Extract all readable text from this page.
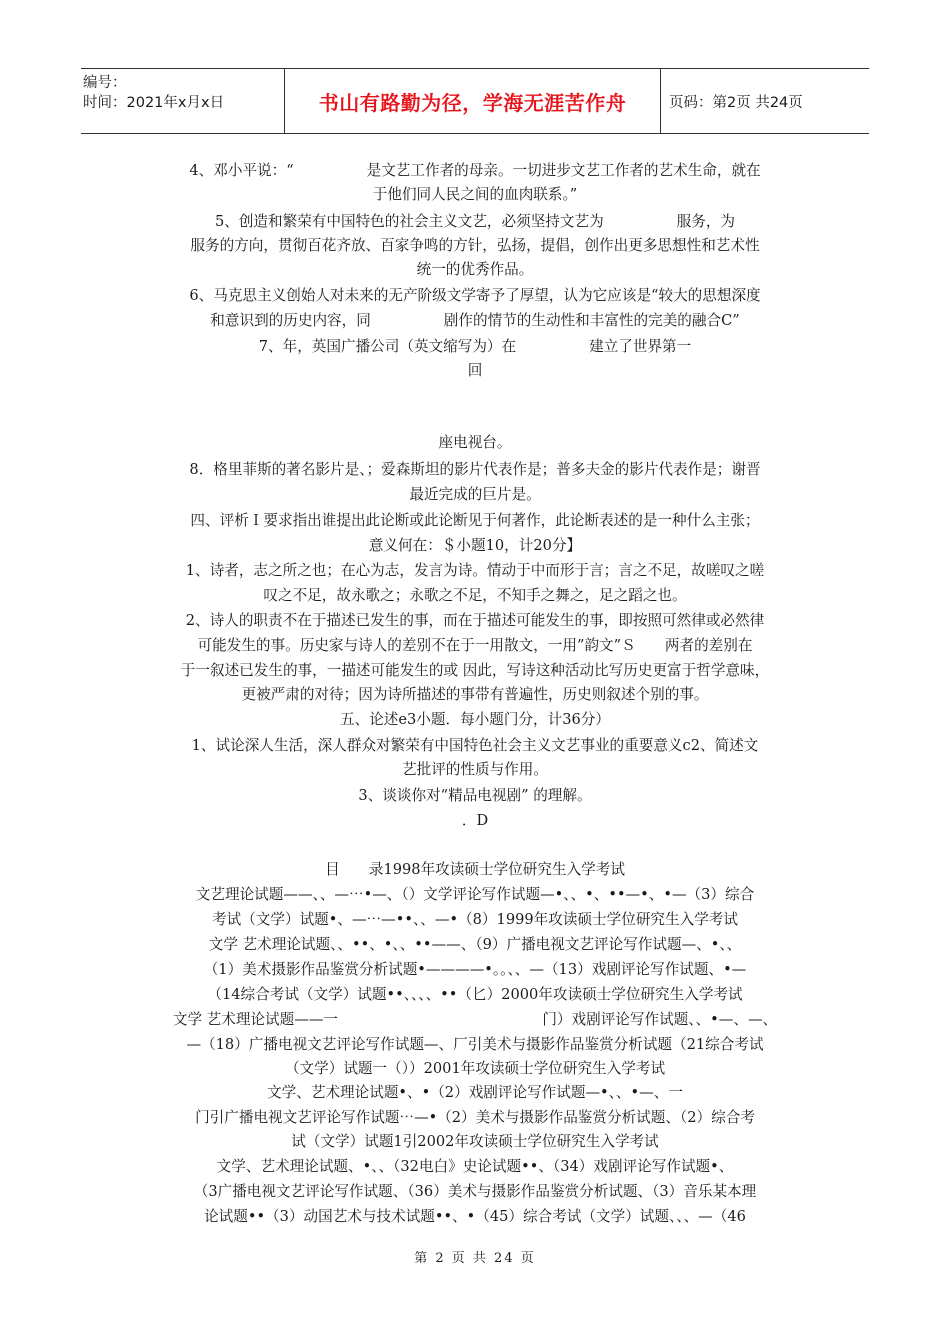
编号：
时间：2021年x月x日	书山有路勤为径，学海无涯苦作舟	页码：第2页 共24页
4、邓小平说：“　　　　　是文艺工作者的母亲。一切进步文艺工作者的艺术生命，就在
于他们同人民之间的血肉联系。”
5、创造和繁荣有中国特色的社会主义文艺，必须坚持文艺为　　　　　服务，为
服务的方向，贯彻百花齐放、百家争鸣的方针，弘扬，提倡，创作出更多思想性和艺术性
统一的优秀作品。
6、马克思主义创始人对未来的无产阶级文学寄予了厚望，认为它应该是“较大的思想深度
和意识到的历史内容，同　　　　　剧作的情节的生动性和丰富性的完美的融合C”
7、年，英国广播公司（英文缩写为）在　　　　　建立了世界第一
回
座电视台。
8．格里菲斯的著名影片是、；爱森斯坦的影片代表作是；普多夫金的影片代表作是；谢晋
最近完成的巨片是。
四、评析Ｉ要求指出谁提出此论断或此论断见于何著作，此论断表述的是一种什么主张；
意义何在：＄小题10，计20分】
1、诗者，志之所之也；在心为志，发言为诗。情动于中而形于言；言之不足，故嗟叹之嗟
叹之不足，故永歌之；永歌之不足，不知手之舞之，足之蹈之也。
2、诗人的职责不在于描述已发生的事，而在于描述可能发生的事，即按照可然律或必然律
可能发生的事。历史家与诗人的差别不在于一用散文，一用”韵文”Ｓ　　两者的差别在
于一叙述已发生的事，一描述可能发生的或 因此，写诗这种活动比写历史更富于哲学意味，
更被严肃的对待；因为诗所描述的事带有普遍性，历史则叙述个别的事。
五、论述e3小题．每小题门分，计36分）
1、试论深人生活，深人群众对繁荣有中国特色社会主义文艺事业的重要意义c2、简述文
艺批评的性质与作用。
3、谈谈你对“精品电视剧” 的理解。
．D
目　　录1998年攻读硕士学位研究生入学考试
文艺理论试题——、、—⋯•—、（）文学评论写作试题—•、、•、••—•、•—（3）综合
考试（文学）试题•、—⋯—••、、—•（8）1999年攻读硕士学位研究生入学考试
文学 艺术理论试题、、••、•、、••——、（9）广播电视文艺评论写作试题—、•、、
（1）美术摄影作品鉴赏分析试题•————•。。、、—（13）戏剧评论写作试题、•—
（14综合考试（文学）试题••、、、、••（匕）2000年攻读硕士学位研究生入学考试
文学 艺术理论试题——一　　　　　　　　　　　　　　门）戏剧评论写作试题、、•—、—、
—（18）广播电视文艺评论写作试题—、厂引美术与摄影作品鉴赏分析试题（21综合考试
（文学）试题一（））2001年攻读硕士学位研究生入学考试
文学、艺术理论试题•、•（2）戏剧评论写作试题—•、、•—、一
门引广播电视文艺评论写作试题⋯—•（2）美术与摄影作品鉴赏分析试题、（2）综合考
试（文学）试题1引2002年攻读硕士学位研究生入学考试
文学、艺术理论试题、•、、（32电白》史论试题••、（34）戏剧评论写作试题•、
（3广播电视文艺评论写作试题、（36）美术与摄影作品鉴赏分析试题、（3）音乐某本理
论试题••（3）动国艺术与技术试题••、•（45）综合考试（文学）试题、、、—（46
第 2 页 共 24 页
